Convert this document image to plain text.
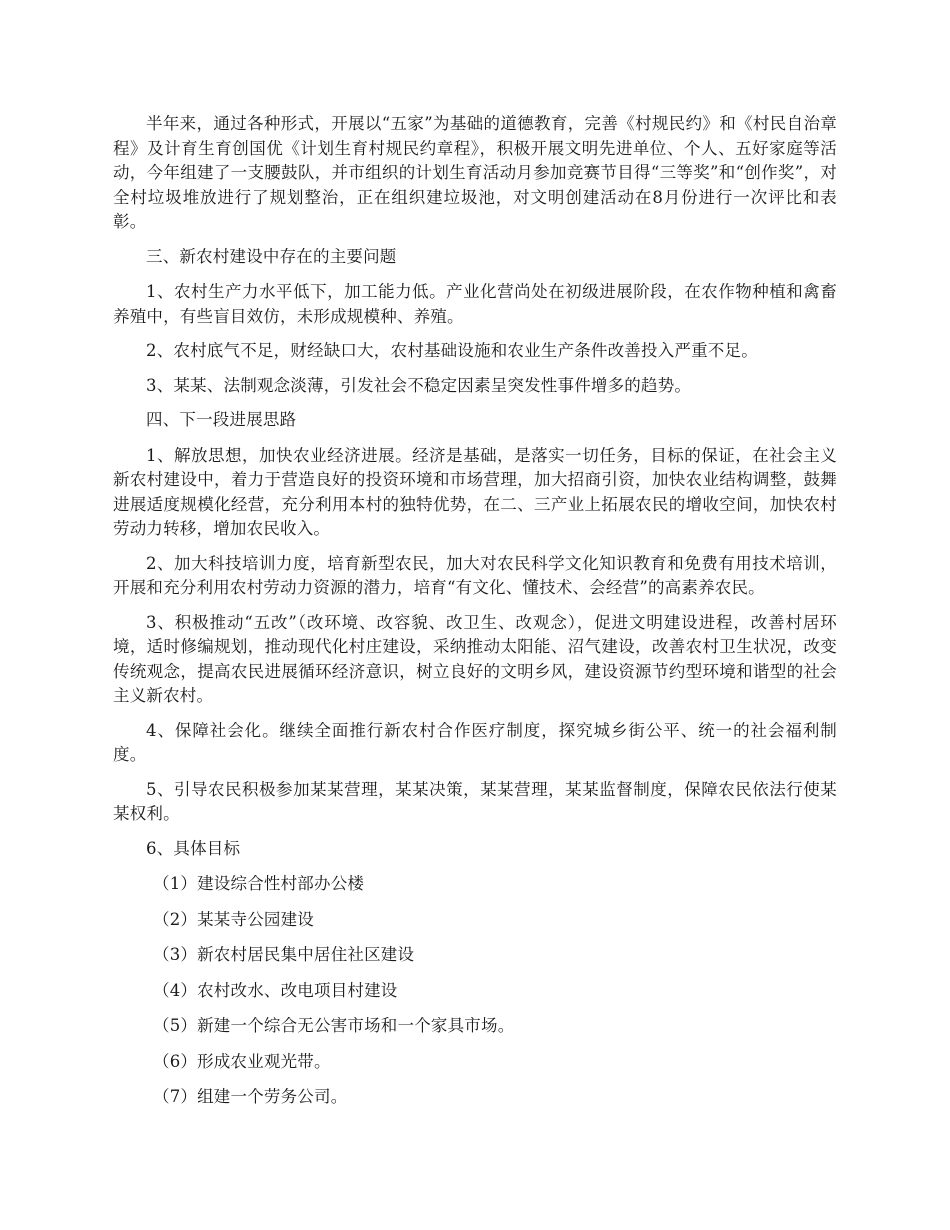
半年来，通过各种形式，开展以“五家”为基础的道德教育，完善《村规民约》和《村民自治章程》及计育生育创国优《计划生育村规民约章程》，积极开展文明先进单位、个人、五好家庭等活动，今年组建了一支腰鼓队，并市组织的计划生育活动月参加竞赛节目得“三等奖”和“创作奖”，对全村垃圾堆放进行了规划整治，正在组织建垃圾池，对文明创建活动在8月份进行一次评比和表彰。

三、新农村建设中存在的主要问题

1、农村生产力水平低下，加工能力低。产业化营尚处在初级进展阶段，在农作物种植和禽畜养殖中，有些盲目效仿，未形成规模种、养殖。

2、农村底气不足，财经缺口大，农村基础设施和农业生产条件改善投入严重不足。

3、某某、法制观念淡薄，引发社会不稳定因素呈突发性事件增多的趋势。

四、下一段进展思路

1、解放思想，加快农业经济进展。经济是基础，是落实一切任务，目标的保证，在社会主义新农村建设中，着力于营造良好的投资环境和市场营理，加大招商引资，加快农业结构调整，鼓舞进展适度规模化经营，充分利用本村的独特优势，在二、三产业上拓展农民的增收空间，加快农村劳动力转移，增加农民收入。

2、加大科技培训力度，培育新型农民，加大对农民科学文化知识教育和免费有用技术培训，开展和充分利用农村劳动力资源的潜力，培育“有文化、懂技术、会经营”的高素养农民。

3、积极推动“五改”（改环境、改容貌、改卫生、改观念），促进文明建设进程，改善村居环境，适时修编规划，推动现代化村庄建设，采纳推动太阳能、沼气建设，改善农村卫生状况，改变传统观念，提高农民进展循环经济意识，树立良好的文明乡风，建设资源节约型环境和谐型的社会主义新农村。

4、保障社会化。继续全面推行新农村合作医疗制度，探究城乡街公平、统一的社会福利制度。

5、引导农民积极参加某某营理，某某决策，某某营理，某某监督制度，保障农民依法行使某某权利。

6、具体目标

（1）建设综合性村部办公楼

（2）某某寺公园建设

（3）新农村居民集中居住社区建设

（4）农村改水、改电项目村建设

（5）新建一个综合无公害市场和一个家具市场。

（6）形成农业观光带。

（7）组建一个劳务公司。
